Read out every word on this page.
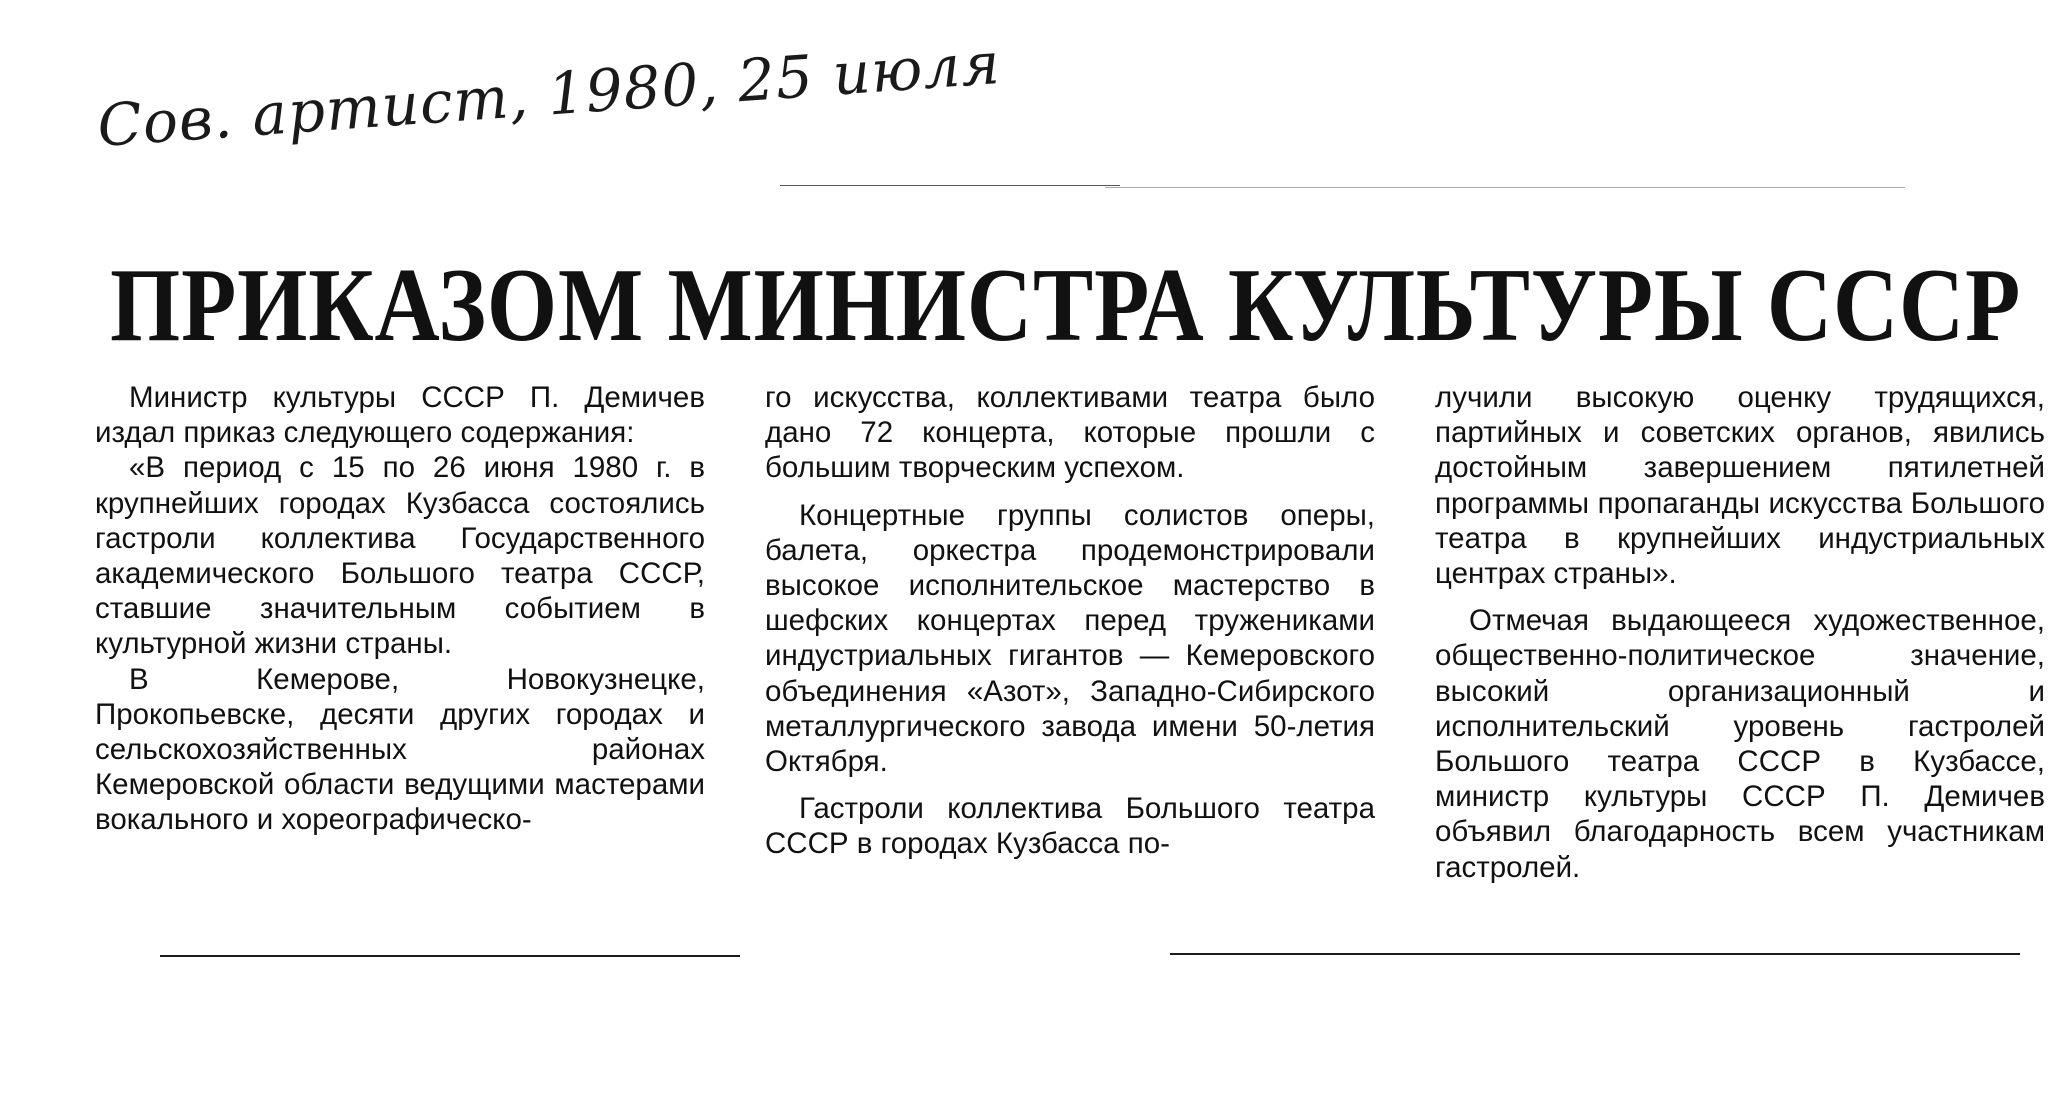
Сов. артист, 1980, 25 июля
ПРИКАЗОМ МИНИСТРА КУЛЬТУРЫ СССР

Министр культуры СССР П. Демичев издал приказ следующего содержания:

«В период с 15 по 26 июня 1980 г. в крупнейших городах Кузбасса состоялись гастроли коллектива Государственного академического Большого театра СССР, ставшие значительным событием в культурной жизни страны.

В Кемерове, Новокузнецке, Прокопьевске, десяти других городах и сельскохозяйственных районах Кемеровской области ведущими мастерами вокального и хореографическо-

го искусства, коллективами театра было дано 72 концерта, которые прошли с большим творческим успехом.

Концертные группы солистов оперы, балета, оркестра продемонстрировали высокое исполнительское мастерство в шефских концертах перед тружениками индустриальных гигантов — Кемеровского объединения «Азот», Западно-Сибирского металлургического завода имени 50-летия Октября.

Гастроли коллектива Большого театра СССР в городах Кузбасса по-

лучили высокую оценку трудящихся, партийных и советских органов, явились достойным завершением пятилетней программы пропаганды искусства Большого театра в крупнейших индустриальных центрах страны».

Отмечая выдающееся художественное, общественно-политическое значение, высокий организационный и исполнительский уровень гастролей Большого театра СССР в Кузбассе, министр культуры СССР П. Демичев объявил благодарность всем участникам гастролей.
